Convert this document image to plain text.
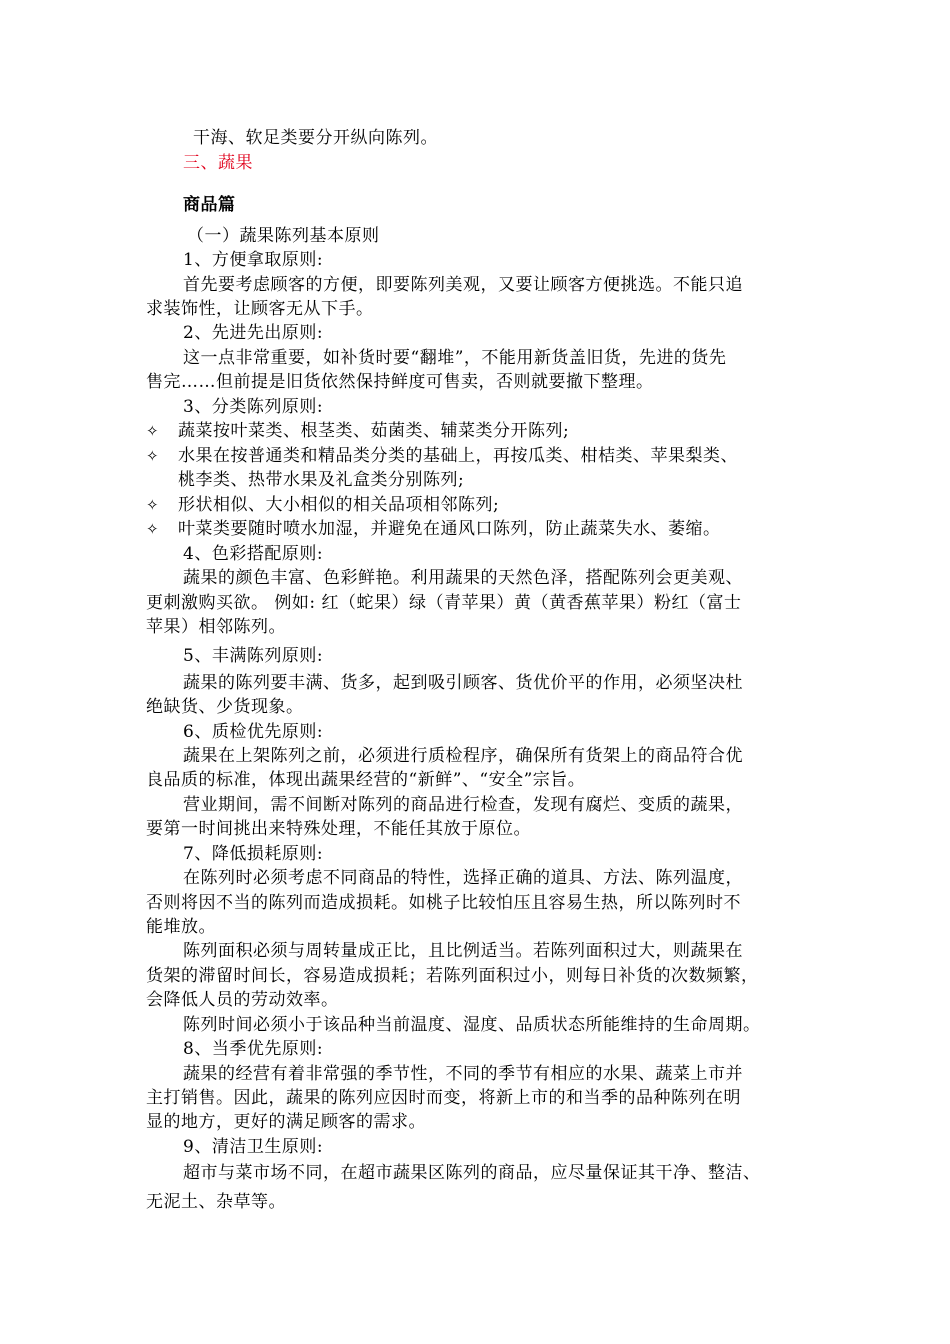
干海、软足类要分开纵向陈列。
三、蔬果
商品篇
（一）蔬果陈列基本原则
1、方便拿取原则:
首先要考虑顾客的方便，即要陈列美观，又要让顾客方便挑选。不能只追
求装饰性，让顾客无从下手。
2、先进先出原则:
这一点非常重要，如补货时要“翻堆”，不能用新货盖旧货，先进的货先
售完……但前提是旧货依然保持鲜度可售卖，否则就要撤下整理。
3、分类陈列原则:
✧ 蔬菜按叶菜类、根茎类、茹菌类、辅菜类分开陈列;
✧ 水果在按普通类和精品类分类的基础上，再按瓜类、柑桔类、苹果梨类、
桃李类、热带水果及礼盒类分别陈列;
✧ 形状相似、大小相似的相关品项相邻陈列;
✧ 叶菜类要随时喷水加湿，并避免在通风口陈列，防止蔬菜失水、萎缩。
4、色彩搭配原则:
蔬果的颜色丰富、色彩鲜艳。利用蔬果的天然色泽，搭配陈列会更美观、
更刺激购买欲。 例如: 红（蛇果）绿（青苹果）黄（黄香蕉苹果）粉红（富士
苹果）相邻陈列。
5、丰满陈列原则:
蔬果的陈列要丰满、货多，起到吸引顾客、货优价平的作用，必须坚决杜
绝缺货、少货现象。
6、质检优先原则:
蔬果在上架陈列之前，必须进行质检程序，确保所有货架上的商品符合优
良品质的标准，体现出蔬果经营的“新鲜”、“安全”宗旨。
营业期间，需不间断对陈列的商品进行检查，发现有腐烂、变质的蔬果，
要第一时间挑出来特殊处理，不能任其放于原位。
7、降低损耗原则:
在陈列时必须考虑不同商品的特性，选择正确的道具、方法、陈列温度，
否则将因不当的陈列而造成损耗。如桃子比较怕压且容易生热，所以陈列时不
能堆放。
陈列面积必须与周转量成正比，且比例适当。若陈列面积过大，则蔬果在
货架的滞留时间长，容易造成损耗；若陈列面积过小，则每日补货的次数频繁，
会降低人员的劳动效率。
陈列时间必须小于该品种当前温度、湿度、品质状态所能维持的生命周期。
8、当季优先原则:
蔬果的经营有着非常强的季节性，不同的季节有相应的水果、蔬菜上市并
主打销售。因此，蔬果的陈列应因时而变，将新上市的和当季的品种陈列在明
显的地方，更好的满足顾客的需求。
9、清洁卫生原则:
超市与菜市场不同，在超市蔬果区陈列的商品，应尽量保证其干净、整洁、
无泥土、杂草等。
